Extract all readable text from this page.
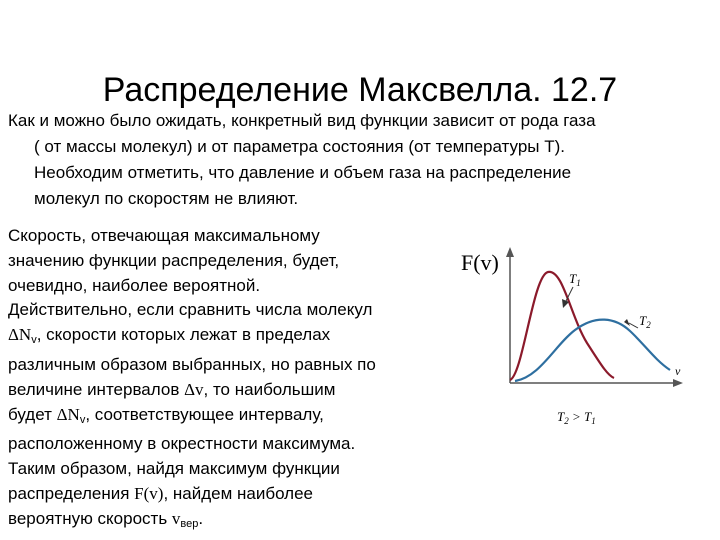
Распределение Максвелла. 12.7

Как и можно было ожидать, конкретный вид функции зависит от рода газа

( от массы молекул) и от параметра состояния (от температуры Т).

Необходим отметить, что давление и объем газа на распределение

молекул по скоростям не влияют.

Скорость, отвечающая максимальному

значению функции распределения, будет,

очевидно, наиболее вероятной.

Действительно, если сравнить числа молекул

$\Delta N_v$, скорости которых лежат в пределах

различным образом выбранных, но равных по

величине интервалов Δv, то наибольшим

будет $\Delta N_v$, соответствующее интервалу,

расположенному в окрестности максимума.

Таким образом, найдя максимум функции

распределения F(v), найдем наиболее

вероятную скорость $v_{вер}$.

F(v)
v
$T_1$
$T_2$
$T_2 > T_1$
